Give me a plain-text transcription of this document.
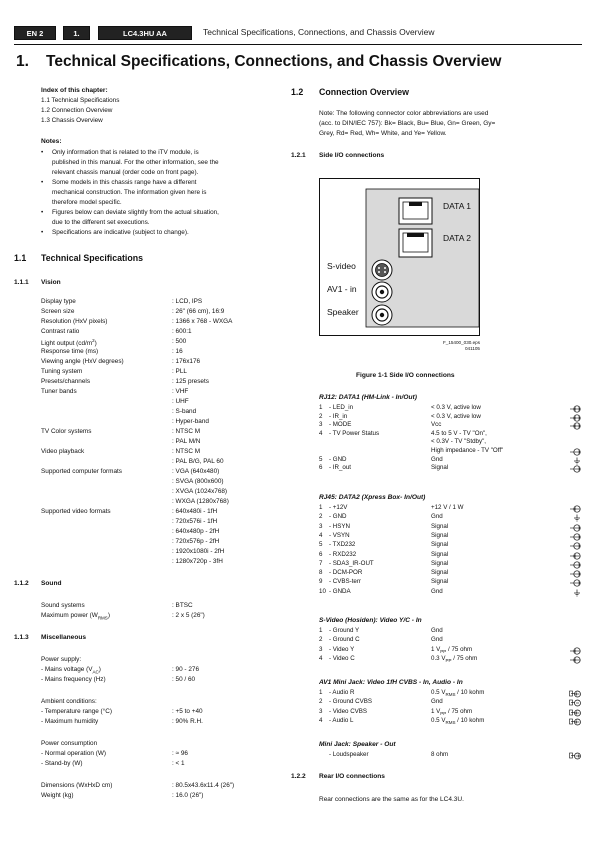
EN 2	1.	LC4.3HU AA	Technical Specifications, Connections, and Chassis Overview
1. Technical Specifications, Connections, and Chassis Overview
Index of this chapter:
1.1 Technical Specifications
1.2 Connection Overview
1.3 Chassis Overview
Notes:
•	Only information that is related to the iTV module, is
published in this manual. For the other information, see the
relevant chassis manual (order code on front page).
•	Some models in this chassis range have a different
mechanical construction. The information given here is
therefore model specific.
•	Figures below can deviate slightly from the actual situation,
due to the different set executions.
•	Specifications are indicative (subject to change).
1.1 Technical Specifications
1.1.1 Vision
Display type	: LCD, IPS
Screen size	: 26" (66 cm), 16:9
Resolution (HxV pixels)	: 1366 x 768 - WXGA
Contrast ratio	: 600:1
Light output $(cd/m^2)$	: 500
Response time (ms)	: 16
Viewing angle (HxV degrees)	: 176x176
Tuning system	: PLL
Presets/channels	: 125 presets
Tuner bands	: VHF
: UHF
: S-band
: Hyper-band
TV Color systems	: NTSC M
: PAL M/N
Video playback	: NTSC M
: PAL B/G, PAL 60
Supported computer formats	: VGA (640x480)
: SVGA (800x600)
: XVGA (1024x768)
: WXGA (1280x768)
Supported video formats	: 640x480i - 1fH
: 720x576i - 1fH
: 640x480p - 2fH
: 720x576p - 2fH
: 1920x1080i - 2fH
: 1280x720p - 3fH
1.1.2 Sound
Sound systems	: BTSC
Maximum power $(W_{RMS})$	: 2 x 5 (26")
1.1.3 Miscellaneous
Power supply:
- Mains voltage $(V_{AC})$	: 90 - 276
- Mains frequency (Hz)	: 50 / 60
Ambient conditions:
- Temperature range (°C)	: +5 to +40
- Maximum humidity	: 90% R.H.
Power consumption
- Normal operation (W)	: ≈ 96
- Stand-by (W)	: < 1
Dimensions (WxHxD cm)	: 80.5x43.6x11.4 (26")
Weight (kg)	: 16.0 (26")
1.2 Connection Overview
Note: The following connector color abbreviations are used
(acc. to DIN/IEC 757): Bk= Black, Bu= Blue, Gn= Green, Gy=
Grey, Rd= Red, Wh= White, and Ye= Yellow.
1.2.1 Side I/O connections
DATA 1
DATA 2
S-video
AV1 - in
Speaker
F_15400_030.eps
041105
Figure 1-1 Side I/O connections
RJ12: DATA1 (HM-Link - In/Out)
1 - LED_in	< 0.3 V, active low
2 - IR_in	< 0.3 V, active low
3 - MODE	Vcc
4 - TV Power Status	4.5 to 5 V - TV "On",
< 0.3V - TV "Stdby",
High impedance - TV "Off"
5 - GND	Gnd
6 - IR_out	Signal
RJ45: DATA2 (Xpress Box- In/Out)
1 - +12V	+12 V / 1 W
2 - GND	Gnd
3 - HSYN	Signal
4 - VSYN	Signal
5 - TXD232	Signal
6 - RXD232	Signal
7 - SDA3_IR-OUT	Signal
8 - DCM-POR	Signal
9 - CVBS-terr	Signal
10 - GNDA	Gnd
S-Video (Hosiden): Video Y/C - In
1 - Ground Y	Gnd
2 - Ground C	Gnd
3 - Video Y	1 $V_{PP} / 75$ ohm
4 - Video C	0.3 $V_{PP} / 75$ ohm
AV1 Mini Jack: Video 1fH CVBS - In, Audio - In
1 - Audio R	0.5 $V_{RMS} / 10$ kohm
2 - Ground CVBS	Gnd
3 - Video CVBS	1 $V_{PP} / 75$ ohm
4 - Audio L	0.5 $V_{RMS} / 10$ kohm
Mini Jack: Speaker - Out
- Loudspeaker	8 ohm
1.2.2 Rear I/O connections
Rear connections are the same as for the LC4.3U.
